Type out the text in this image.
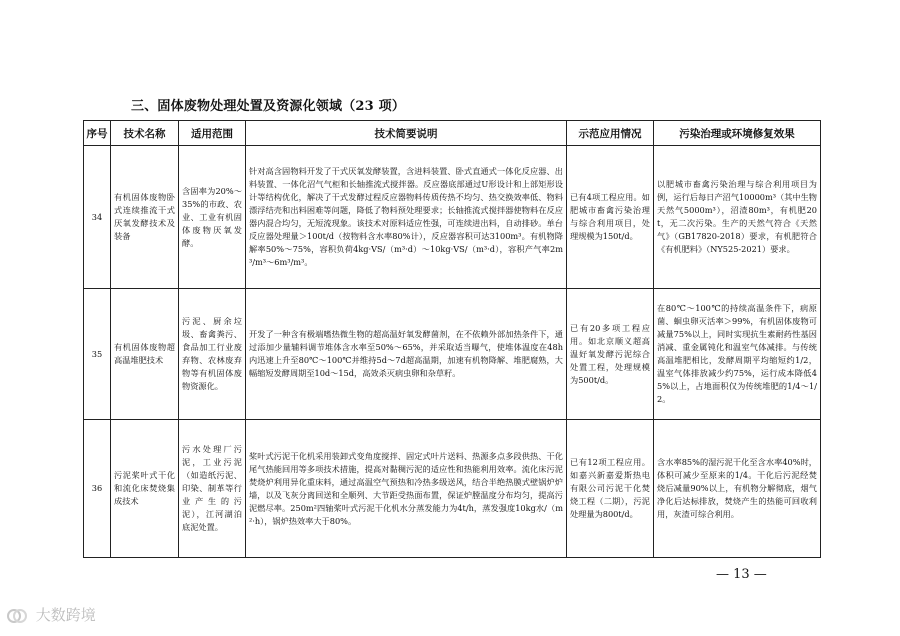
三、固体废物处理处置及资源化领域（23 项）
序号	技术名称	适用范围	技术简要说明	示范应用情况	污染治理或环境修复效果
34	有机固体废物卧式连续推流干式厌氧发酵技术及装备	含固率为20%～35%的市政、农业、工业有机固体废物厌氧发酵。	针对高含固物料开发了干式厌氧发酵装置，含进料装置、卧式直通式一体化反应器、出料装置、一体化沼气气柜和长轴推流式搅拌器。反应器底部通过U形设计和上部矩形设计等结构优化，解决了干式发酵过程反应器物料传质传热不均匀、热交换效率低、物料漂浮结壳和出料困难等问题，降低了物料预处理要求；长轴推流式搅拌器使物料在反应器内混合均匀，无短流现象。该技术对原料适应性强，可连续进出料，自动排砂。单台反应器处理量＞100t/d（按物料含水率80%计），反应器容积可达3100m³。有机物降解率50%～75%，容积负荷4kg·VS/（m³·d）～10kg·VS/（m³·d），容积产气率2m³/m³～6m³/m³。	已有4项工程应用。如肥城市畜禽污染治理与综合利用项目，处理规模为150t/d。	以肥城市畜禽污染治理与综合利用项目为例，运行后每日产沼气10000m³（其中生物天然气5000m³），沼渣80m³，有机肥20t，无二次污染。生产的天然气符合《天然气》（GB17820-2018）要求，有机肥符合《有机肥料》（NY525-2021）要求。
35	有机固体废物超高温堆肥技术	污泥、厨余垃圾、畜禽粪污、食品加工行业废弃物、农林废弃物等有机固体废物资源化。	开发了一种含有极端嗜热微生物的超高温好氧发酵菌剂，在不依赖外部加热条件下，通过添加少量辅料调节堆体含水率至50%～65%，并采取适当曝气，使堆体温度在48h内迅速上升至80℃～100℃并维持5d～7d超高温期，加速有机物降解、堆肥腐熟，大幅缩短发酵周期至10d～15d，高效杀灭病虫卵和杂草籽。	已有20多项工程应用。如北京顺义超高温好氧发酵污泥综合处置工程，处理规模为500t/d。	在80℃～100℃的持续高温条件下，病原菌、蛔虫卵灭活率＞99%，有机固体废物可减量75%以上，同时实现抗生素耐药性基因消减、重金属钝化和温室气体减排。与传统高温堆肥相比，发酵周期平均缩短约1/2，温室气体排放减少约75%，运行成本降低45%以上，占地面积仅为传统堆肥的1/4～1/2。
36	污泥桨叶式干化和流化床焚烧集成技术	污水处理厂污泥，工业污泥（如造纸污泥、印染、制革等行业产生的污泥），江河湖泊底泥处置。	桨叶式污泥干化机采用装卸式变角度搅拌、固定式叶片送料、热源多点多段供热、干化尾气热能回用等多项技术措施，提高对黏稠污泥的适应性和热能利用效率。流化床污泥焚烧炉利用异化重床料，通过高温空气预热和冷热多级送风，结合半绝热膜式壁锅炉炉墙，以及飞灰分离回送和全顺列、大节距受热面布置，保证炉膛温度分布均匀，提高污泥燃尽率。250m²四轴桨叶式污泥干化机水分蒸发能力为4t/h，蒸发强度10kg水/（m²·h），锅炉热效率大于80%。	已有12项工程应用。如嘉兴新嘉爱斯热电有限公司污泥干化焚烧工程（二期），污泥处理量为800t/d。	含水率85%的湿污泥干化至含水率40%时，体积可减少至原来的1/4。干化后污泥经焚烧后减量90%以上，有机物分解彻底，烟气净化后达标排放，焚烧产生的热能可回收利用，灰渣可综合利用。
— 13 —
大数跨境
